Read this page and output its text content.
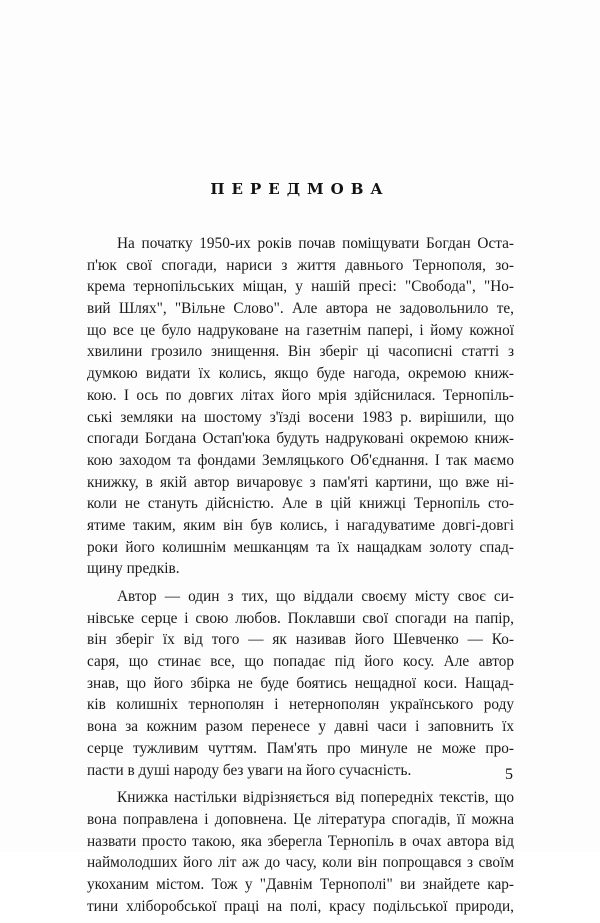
ПЕРЕДМОВА
На початку 1950-их років почав поміщувати Богдан Оста-
п'юк свої спогади, нариси з життя давнього Тернополя, зо-
крема тернопільських міщан, у нашій пресі: "Свобода", "Но-
вий Шлях", "Вільне Слово". Але автора не задовольнило те,
що все це було надруковане на газетнім папері, і йому кожної
хвилини грозило знищення. Він зберіг ці часописні статті з
думкою видати їх колись, якщо буде нагода, окремою книж-
кою. І ось по довгих літах його мрія здійснилася. Тернопіль-
ські земляки на шостому з'їзді восени 1983 р. вирішили, що
спогади Богдана Остап'юка будуть надруковані окремою книж-
кою заходом та фондами Земляцького Об'єднання. І так маємо
книжку, в якій автор вичаровує з пам'яті картини, що вже ні-
коли не стануть дійсністю. Але в цій книжці Тернопіль сто-
ятиме таким, яким він був колись, і нагадуватиме довгі-довгі
роки його колишнім мешканцям та їх нащадкам золоту спад-
щину предків.
Автор — один з тих, що віддали своєму місту своє си-
нівське серце і свою любов. Поклавши свої спогади на папір,
він зберіг їх від того — як називав його Шевченко — Ко-
саря, що стинає все, що попадає під його косу. Але автор
знав, що його збірка не буде боятись нещадної коси. Нащад-
ків колишніх тернополян і нетернополян українського роду
вона за кожним разом перенесе у давні часи і заповнить їх
серце тужливим чуттям. Пам'ять про минуле не може про-
пасти в душі народу без уваги на його сучасність.
Книжка настільки відрізняється від попередніх текстів, що
вона поправлена і доповнена. Це література спогадів, її можна
назвати просто такою, яка зберегла Тернопіль в очах автора від
наймолодших його літ аж до часу, коли він попрощався з своїм
укоханим містом. Тож у "Давнім Тернополі" ви знайдете кар-
тини хліборобської праці на полі, красу подільської природи,
5
